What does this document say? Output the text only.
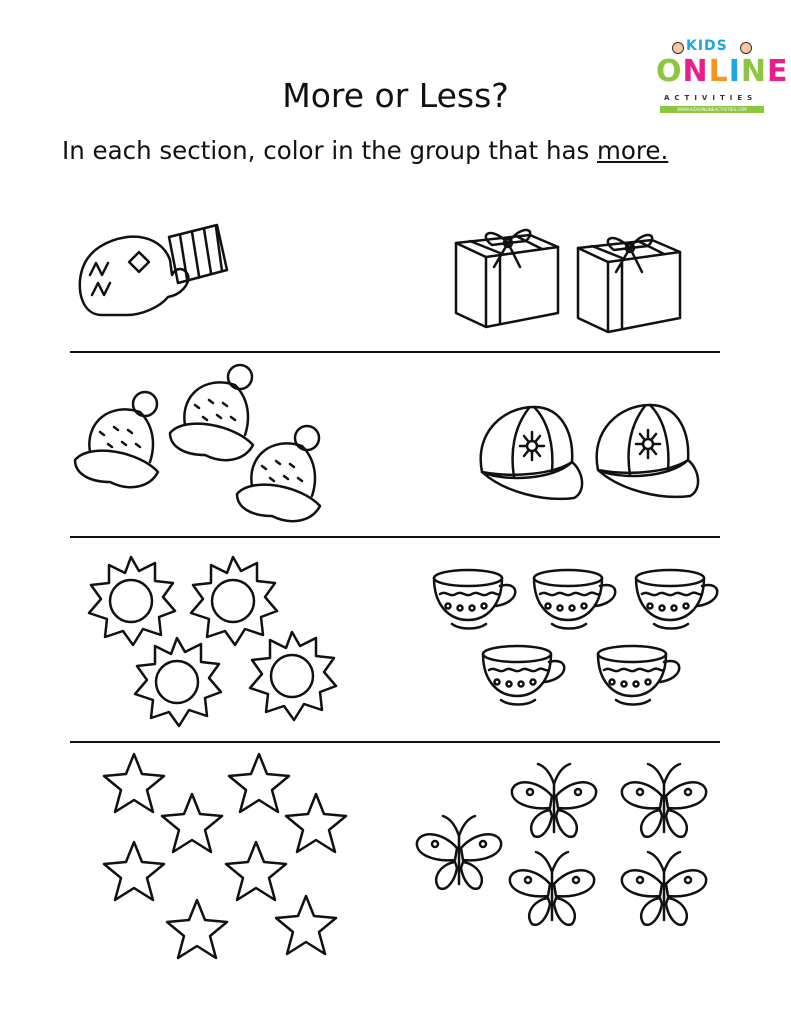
KIDS
ONLINE
ACTIVITIES
WWW.KIDSONLINEACTIVITIES.COM
More or Less?
In each section, color in the group that has more.
